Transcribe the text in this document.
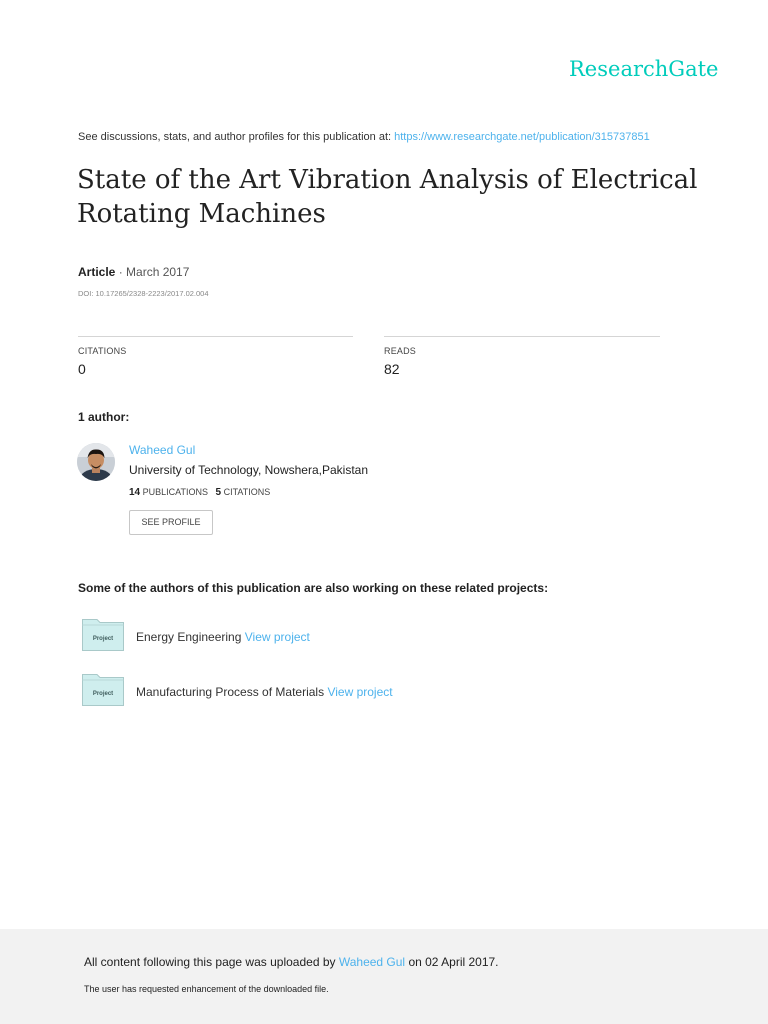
ResearchGate
See discussions, stats, and author profiles for this publication at: https://www.researchgate.net/publication/315737851
State of the Art Vibration Analysis of Electrical Rotating Machines
Article · March 2017
DOI: 10.17265/2328-2223/2017.02.004
CITATIONS
0
READS
82
1 author:
Waheed Gul
University of Technology, Nowshera,Pakistan
14 PUBLICATIONS 5 CITATIONS
SEE PROFILE
Some of the authors of this publication are also working on these related projects:
Project Energy Engineering View project
Project Manufacturing Process of Materials View project
All content following this page was uploaded by Waheed Gul on 02 April 2017.
The user has requested enhancement of the downloaded file.
